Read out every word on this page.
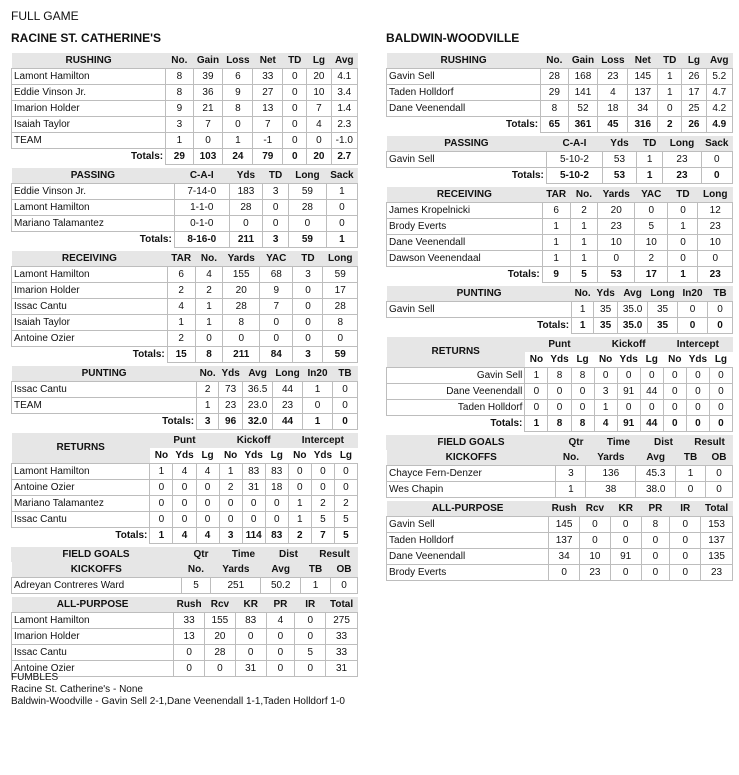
FULL GAME
RACINE ST. CATHERINE'S	BALDWIN-WOODVILLE
RUSHING	No.	Gain	Loss	Net	TD	Lg	Avg
Lamont Hamilton	8	39	6	33	0	20	4.1
Eddie Vinson Jr.	8	36	9	27	0	10	3.4
Imarion Holder	9	21	8	13	0	7	1.4
Isaiah Taylor	3	7	0	7	0	4	2.3
TEAM	1	0	1	-1	0	0	-1.0
Totals:	29	103	24	79	0	20	2.7
PASSING	C-A-I	Yds	TD	Long	Sack
Eddie Vinson Jr.	7-14-0	183	3	59	1
Lamont Hamilton	1-1-0	28	0	28	0
Mariano Talamantez	0-1-0	0	0	0	0
Totals:	8-16-0	211	3	59	1
RECEIVING	TAR	No.	Yards	YAC	TD	Long
Lamont Hamilton	6	4	155	68	3	59
Imarion Holder	2	2	20	9	0	17
Issac Cantu	4	1	28	7	0	28
Isaiah Taylor	1	1	8	0	0	8
Antoine Ozier	2	0	0	0	0	0
Totals:	15	8	211	84	3	59
PUNTING	No.	Yds	Avg	Long	In20	TB
Issac Cantu	2	73	36.5	44	1	0
TEAM	1	23	23.0	23	0	0
Totals:	3	96	32.0	44	1	0
RETURNS	Punt			Kickoff			Intercept		
	No	Yds	Lg	No	Yds	Lg	No	Yds	Lg
Lamont Hamilton	1	4	4	1	83	83	0	0	0
Antoine Ozier	0	0	0	2	31	18	0	0	0
Mariano Talamantez	0	0	0	0	0	0	1	2	2
Issac Cantu	0	0	0	0	0	0	1	5	5
Totals:	1	4	4	3	114	83	2	7	5
FIELD GOALS	Qtr	Time	Dist	Result
KICKOFFS	No.	Yards	Avg	TB	OB
Adreyan Contreres Ward	5	251	50.2	1	0
ALL-PURPOSE	Rush	Rcv	KR	PR	IR	Total
Lamont Hamilton	33	155	83	4	0	275
Imarion Holder	13	20	0	0	0	33
Issac Cantu	0	28	0	0	5	33
Antoine Ozier	0	0	31	0	0	31
RUSHING	No.	Gain	Loss	Net	TD	Lg	Avg
Gavin Sell	28	168	23	145	1	26	5.2
Taden Holldorf	29	141	4	137	1	17	4.7
Dane Veenendall	8	52	18	34	0	25	4.2
Totals:	65	361	45	316	2	26	4.9
PASSING	C-A-I	Yds	TD	Long	Sack
Gavin Sell	5-10-2	53	1	23	0
Totals:	5-10-2	53	1	23	0
RECEIVING	TAR	No.	Yards	YAC	TD	Long
James Kropelnicki	6	2	20	0	0	12
Brody Everts	1	1	23	5	1	23
Dane Veenendall	1	1	10	10	0	10
Dawson Veenendaal	1	1	0	2	0	0
Totals:	9	5	53	17	1	23
PUNTING	No.	Yds	Avg	Long	In20	TB
Gavin Sell	1	35	35.0	35	0	0
Totals:	1	35	35.0	35	0	0
RETURNS	Punt			Kickoff			Intercept		
	No	Yds	Lg	No	Yds	Lg	No	Yds	Lg
Gavin Sell	1	8	8	0	0	0	0	0	0
Dane Veenendall	0	0	0	3	91	44	0	0	0
Taden Holldorf	0	0	0	1	0	0	0	0	0
Totals:	1	8	8	4	91	44	0	0	0
FIELD GOALS	Qtr	Time	Dist	Result
KICKOFFS	No.	Yards	Avg	TB	OB
Chayce Fern-Denzer	3	136	45.3	1	0
Wes Chapin	1	38	38.0	0	0
ALL-PURPOSE	Rush	Rcv	KR	PR	IR	Total
Gavin Sell	145	0	0	8	0	153
Taden Holldorf	137	0	0	0	0	137
Dane Veenendall	34	10	91	0	0	135
Brody Everts	0	23	0	0	0	23
FUMBLES
Racine St. Catherine's - None
Baldwin-Woodville - Gavin Sell 2-1,Dane Veenendall 1-1,Taden Holldorf 1-0
